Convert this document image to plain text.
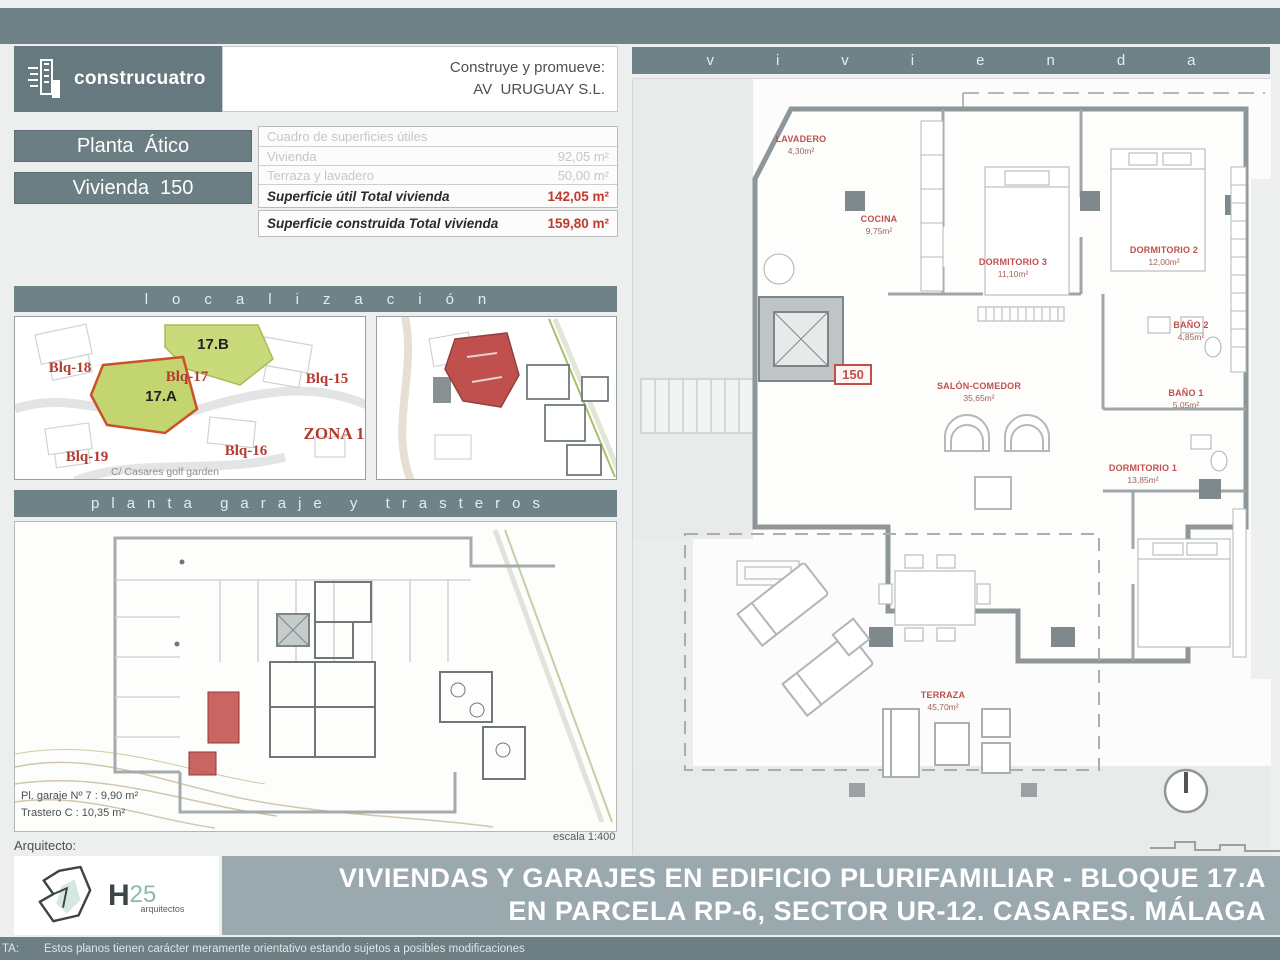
construcuatro
Construye y promueve:
AV  URUGUAY S.L.
Planta  Ático
Vivienda  150
Cuadro de superficies útiles
Vivienda	92,05 m²
Terraza y lavadero	50,00 m²
Superficie útil Total vivienda	142,05 m²
Superficie construida Total vivienda	159,80 m²
localización
Blq-18
Blq-17	Blq-15
Blq-19	Blq-16
ZONA 1
17.B
17.A
C/ Casares golf garden
planta garaje y trasteros
Pl. garaje Nº 7 : 9,90 m²
Trastero C : 10,35 m²
escala 1:400
Arquitecto:
H 25
arquitectos
VIVIENDAS Y GARAJES EN EDIFICIO PLURIFAMILIAR - BLOQUE 17.A
EN PARCELA RP-6, SECTOR UR-12. CASARES. MÁLAGA
TA:	Estos planos tienen carácter meramente orientativo estando sujetos a posibles modificaciones
vivienda
150
LAVADERO
4,30m²
COCINA
9,75m²
DORMITORIO 3
11,10m²
DORMITORIO 2
12,00m²
BAÑO 2
4,85m²
BAÑO 1
5,05m²
SALÓN-COMEDOR
35,65m²
DORMITORIO 1
13,85m²
TERRAZA
45,70m²
